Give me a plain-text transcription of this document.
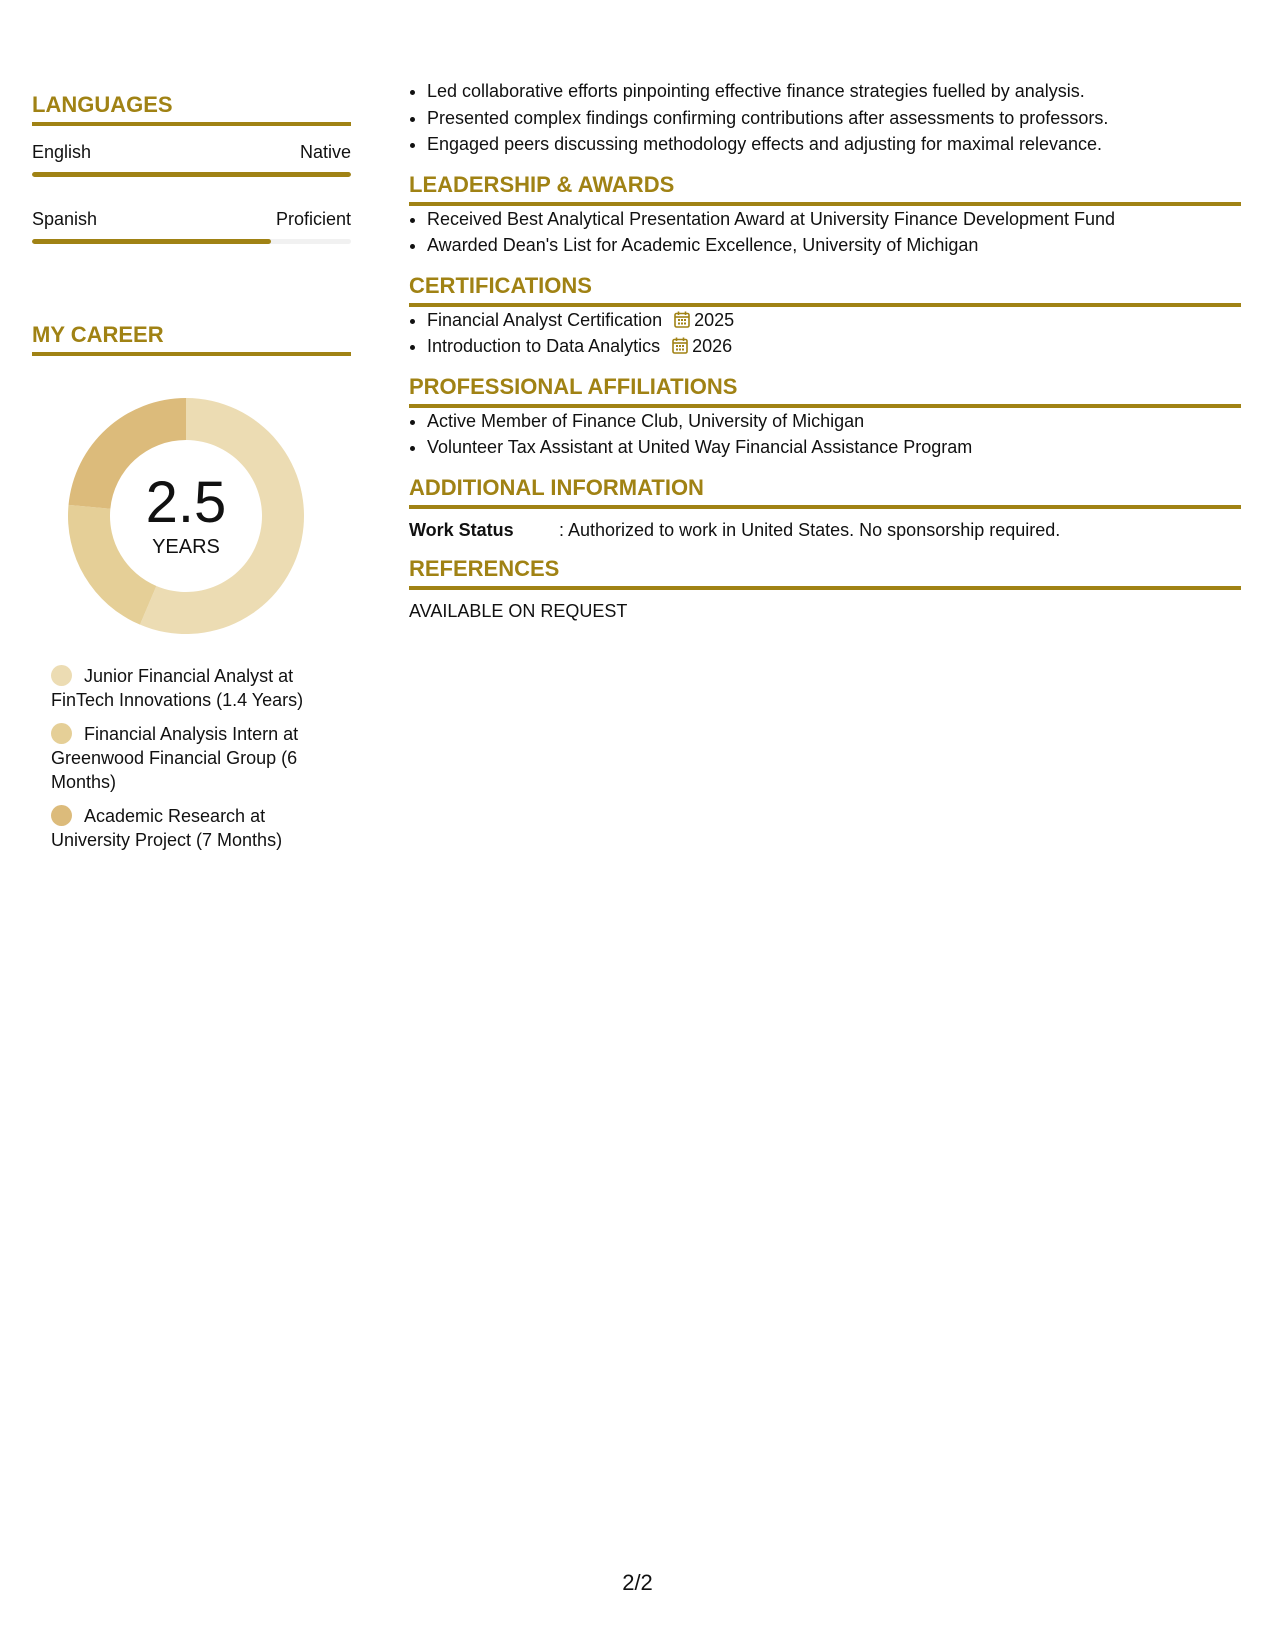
LANGUAGES
English	Native
Spanish	Proficient
MY CAREER
2.5
YEARS
Junior Financial Analyst at FinTech Innovations (1.4 Years)
Financial Analysis Intern at Greenwood Financial Group (6 Months)
Academic Research at University Project (7 Months)
• Led collaborative efforts pinpointing effective finance strategies fuelled by analysis.
• Presented complex findings confirming contributions after assessments to professors.
• Engaged peers discussing methodology effects and adjusting for maximal relevance.
LEADERSHIP & AWARDS
• Received Best Analytical Presentation Award at University Finance Development Fund
• Awarded Dean's List for Academic Excellence, University of Michigan
CERTIFICATIONS
• Financial Analyst Certification 2025
• Introduction to Data Analytics 2026
PROFESSIONAL AFFILIATIONS
• Active Member of Finance Club, University of Michigan
• Volunteer Tax Assistant at United Way Financial Assistance Program
ADDITIONAL INFORMATION
Work Status	: Authorized to work in United States. No sponsorship required.
REFERENCES
AVAILABLE ON REQUEST
2/2
